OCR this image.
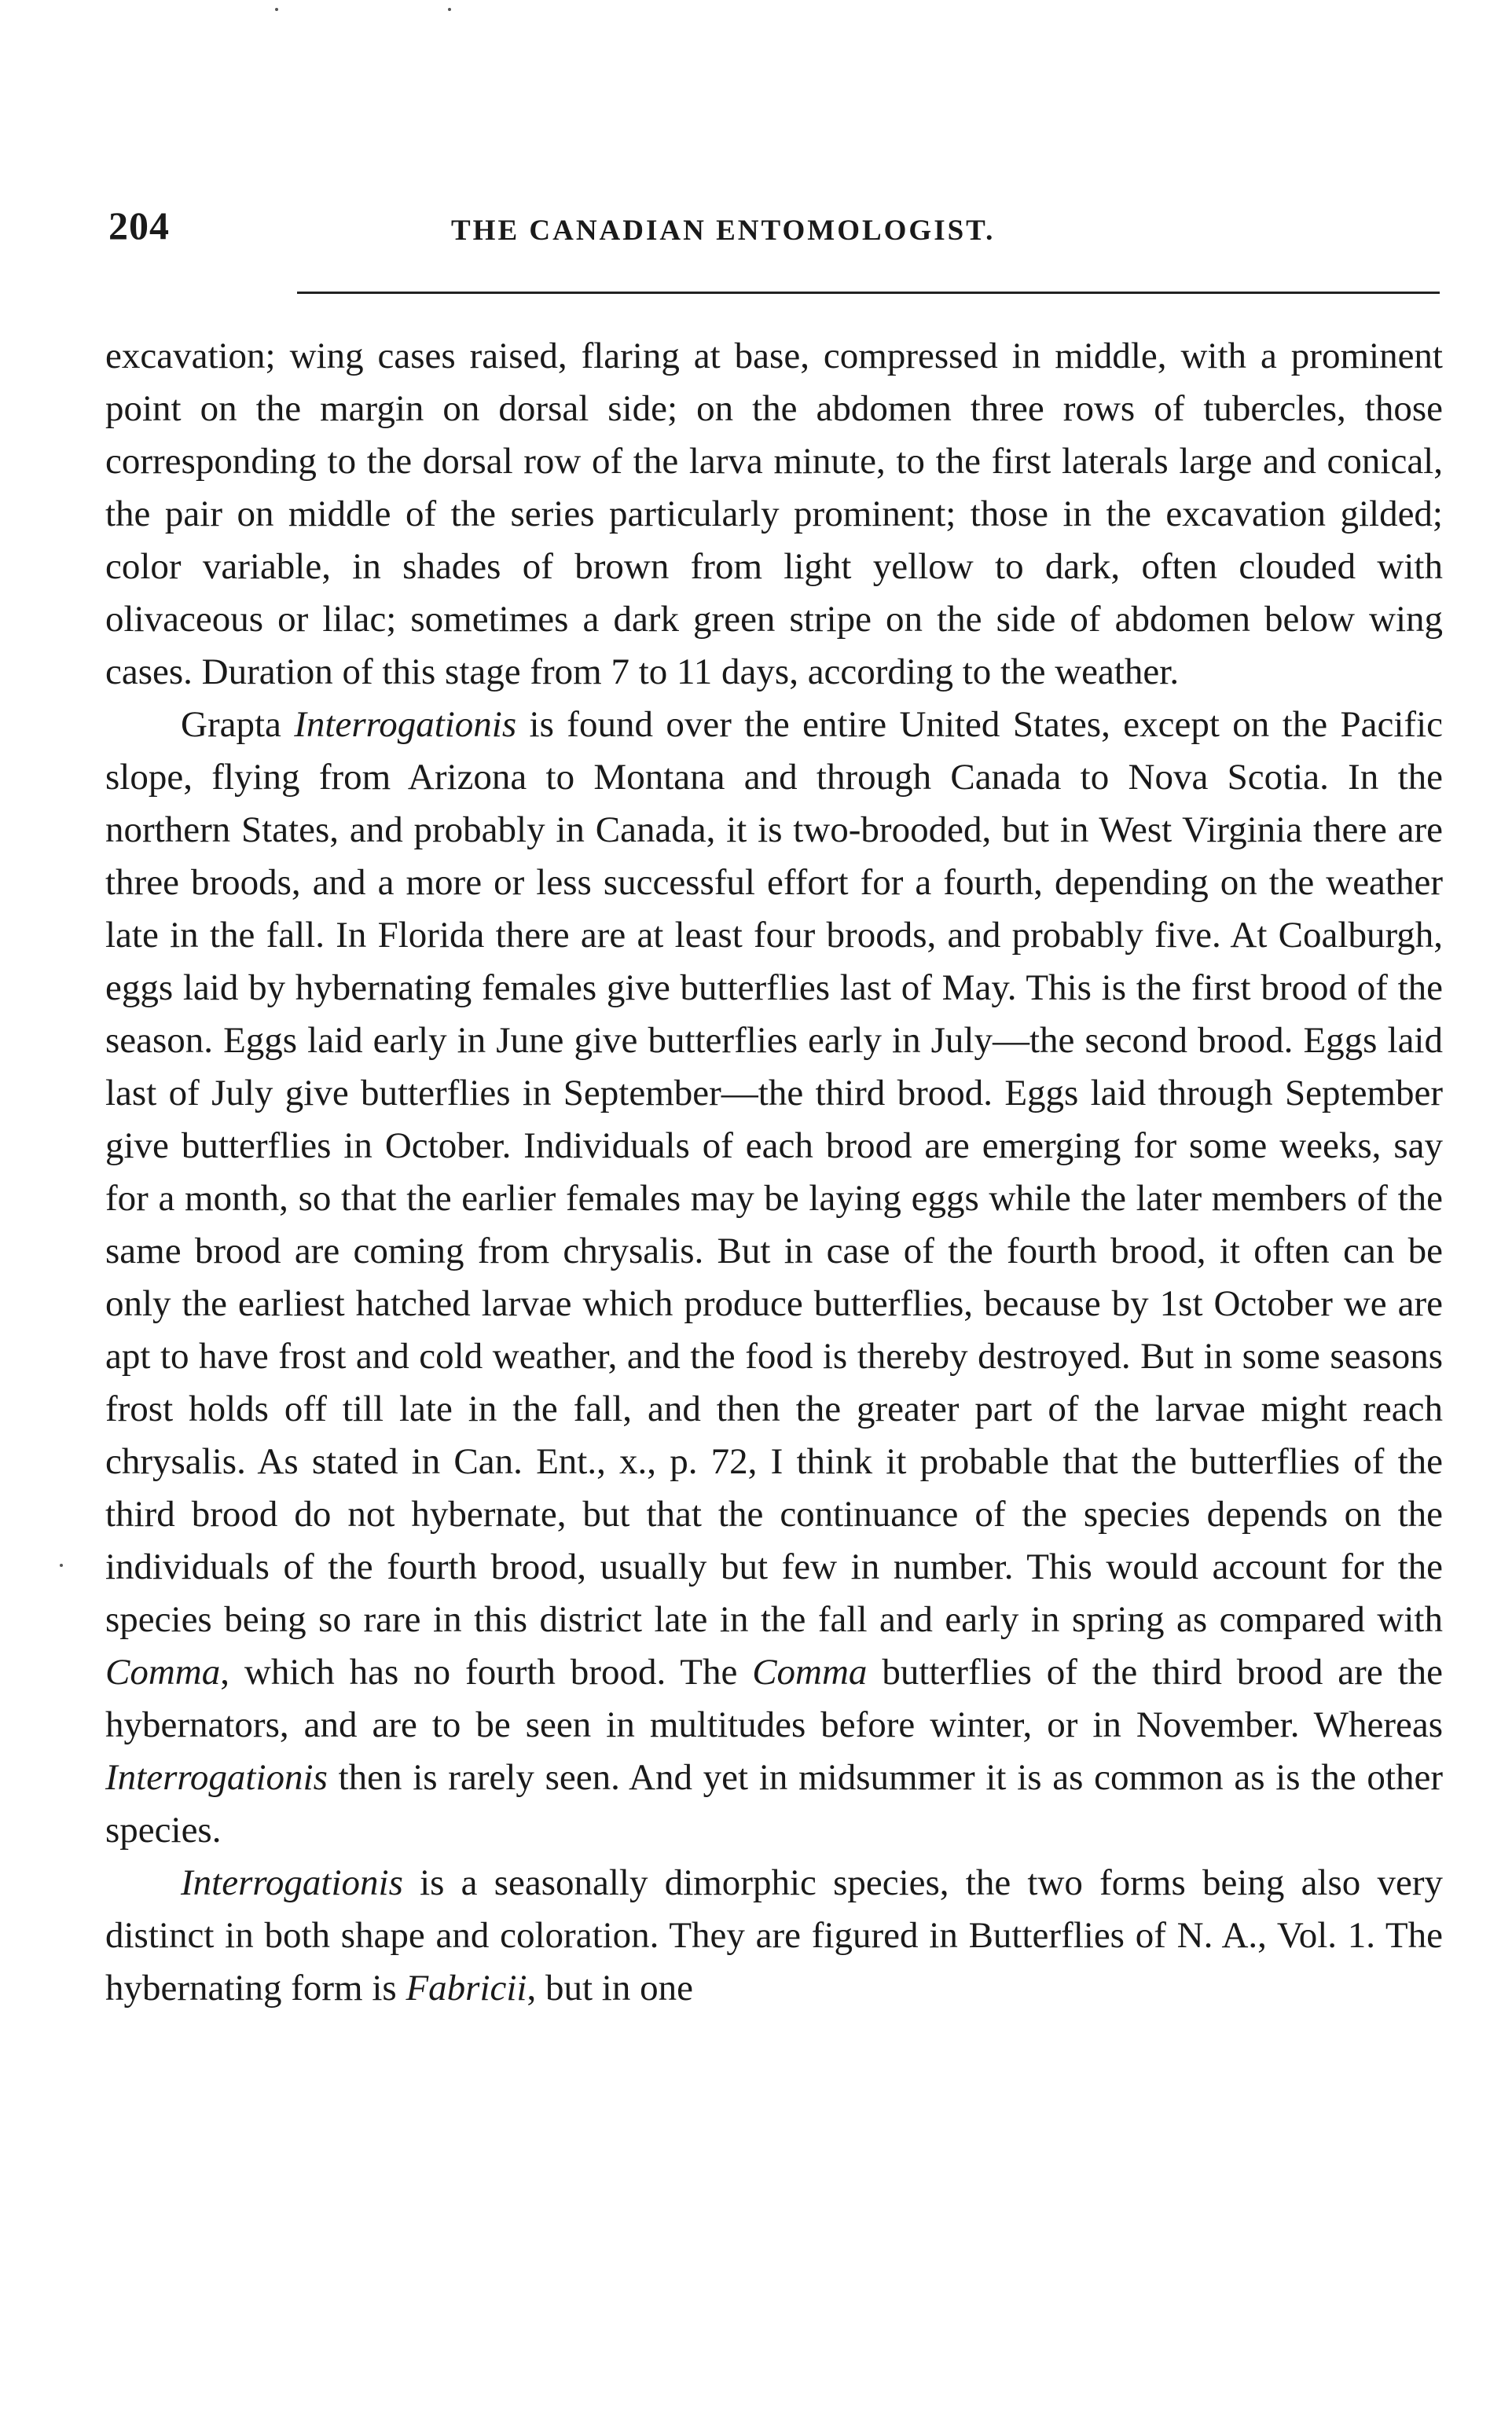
204	THE CANADIAN ENTOMOLOGIST.

excavation; wing cases raised, flaring at base, compressed in middle, with a prominent point on the margin on dorsal side; on the abdomen three rows of tubercles, those corresponding to the dorsal row of the larva minute, to the first laterals large and conical, the pair on middle of the series particularly prominent; those in the excavation gilded; color variable, in shades of brown from light yellow to dark, often clouded with olivaceous or lilac; sometimes a dark green stripe on the side of abdomen below wing cases. Duration of this stage from 7 to 11 days, according to the weather.

Grapta Interrogationis is found over the entire United States, except on the Pacific slope, flying from Arizona to Montana and through Canada to Nova Scotia. In the northern States, and probably in Canada, it is two-brooded, but in West Virginia there are three broods, and a more or less successful effort for a fourth, depending on the weather late in the fall. In Florida there are at least four broods, and probably five. At Coalburgh, eggs laid by hybernating females give butterflies last of May. This is the first brood of the season. Eggs laid early in June give butterflies early in July—the second brood. Eggs laid last of July give butterflies in September—the third brood. Eggs laid through September give butterflies in October. Individuals of each brood are emerging for some weeks, say for a month, so that the earlier females may be laying eggs while the later members of the same brood are coming from chrysalis. But in case of the fourth brood, it often can be only the earliest hatched larvae which produce butterflies, because by 1st October we are apt to have frost and cold weather, and the food is thereby destroyed. But in some seasons frost holds off till late in the fall, and then the greater part of the larvae might reach chrysalis. As stated in Can. Ent., x., p. 72, I think it probable that the butterflies of the third brood do not hybernate, but that the continuance of the species depends on the individuals of the fourth brood, usually but few in number. This would account for the species being so rare in this district late in the fall and early in spring as compared with Comma, which has no fourth brood. The Comma butterflies of the third brood are the hybernators, and are to be seen in multitudes before winter, or in November. Whereas Interrogationis then is rarely seen. And yet in midsummer it is as common as is the other species.

Interrogationis is a seasonally dimorphic species, the two forms being also very distinct in both shape and coloration. They are figured in Butterflies of N. A., Vol. 1. The hybernating form is Fabricii, but in one
